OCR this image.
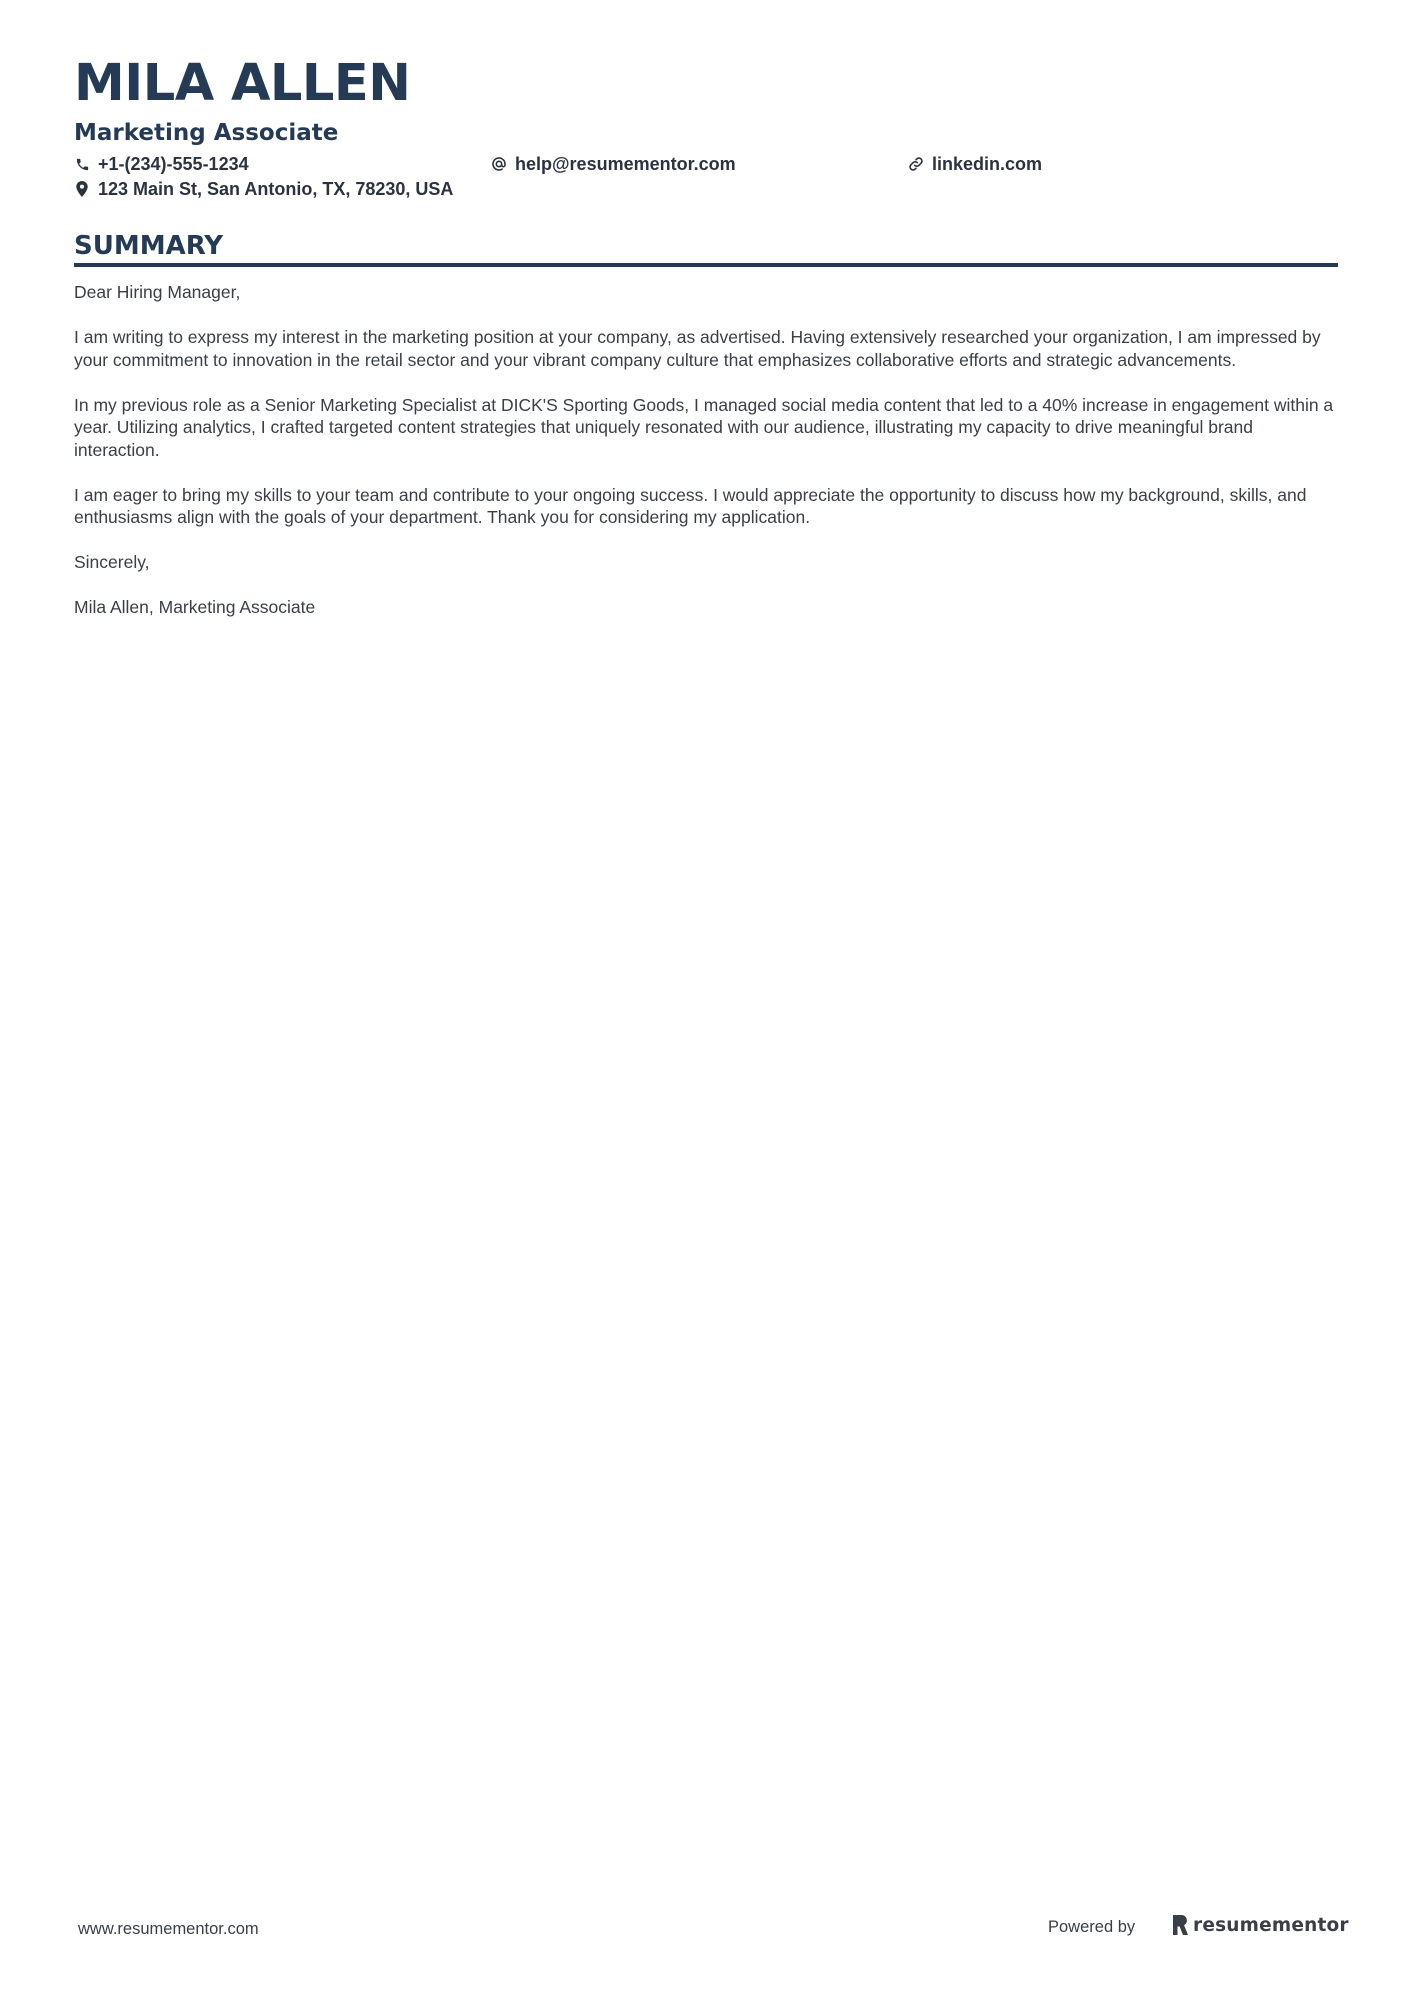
MILA ALLEN
Marketing Associate
+1-(234)-555-1234	help@resumementor.com	linkedin.com
123 Main St, San Antonio, TX, 78230, USA
SUMMARY

Dear Hiring Manager,

I am writing to express my interest in the marketing position at your company, as advertised. Having extensively researched your organization, I am impressed by your commitment to innovation in the retail sector and your vibrant company culture that emphasizes collaborative efforts and strategic advancements.

In my previous role as a Senior Marketing Specialist at DICK'S Sporting Goods, I managed social media content that led to a 40% increase in engagement within a year. Utilizing analytics, I crafted targeted content strategies that uniquely resonated with our audience, illustrating my capacity to drive meaningful brand interaction.

I am eager to bring my skills to your team and contribute to your ongoing success. I would appreciate the opportunity to discuss how my background, skills, and enthusiasms align with the goals of your department. Thank you for considering my application.

Sincerely,

Mila Allen, Marketing Associate

www.resumementor.com	Powered by	resumementor
